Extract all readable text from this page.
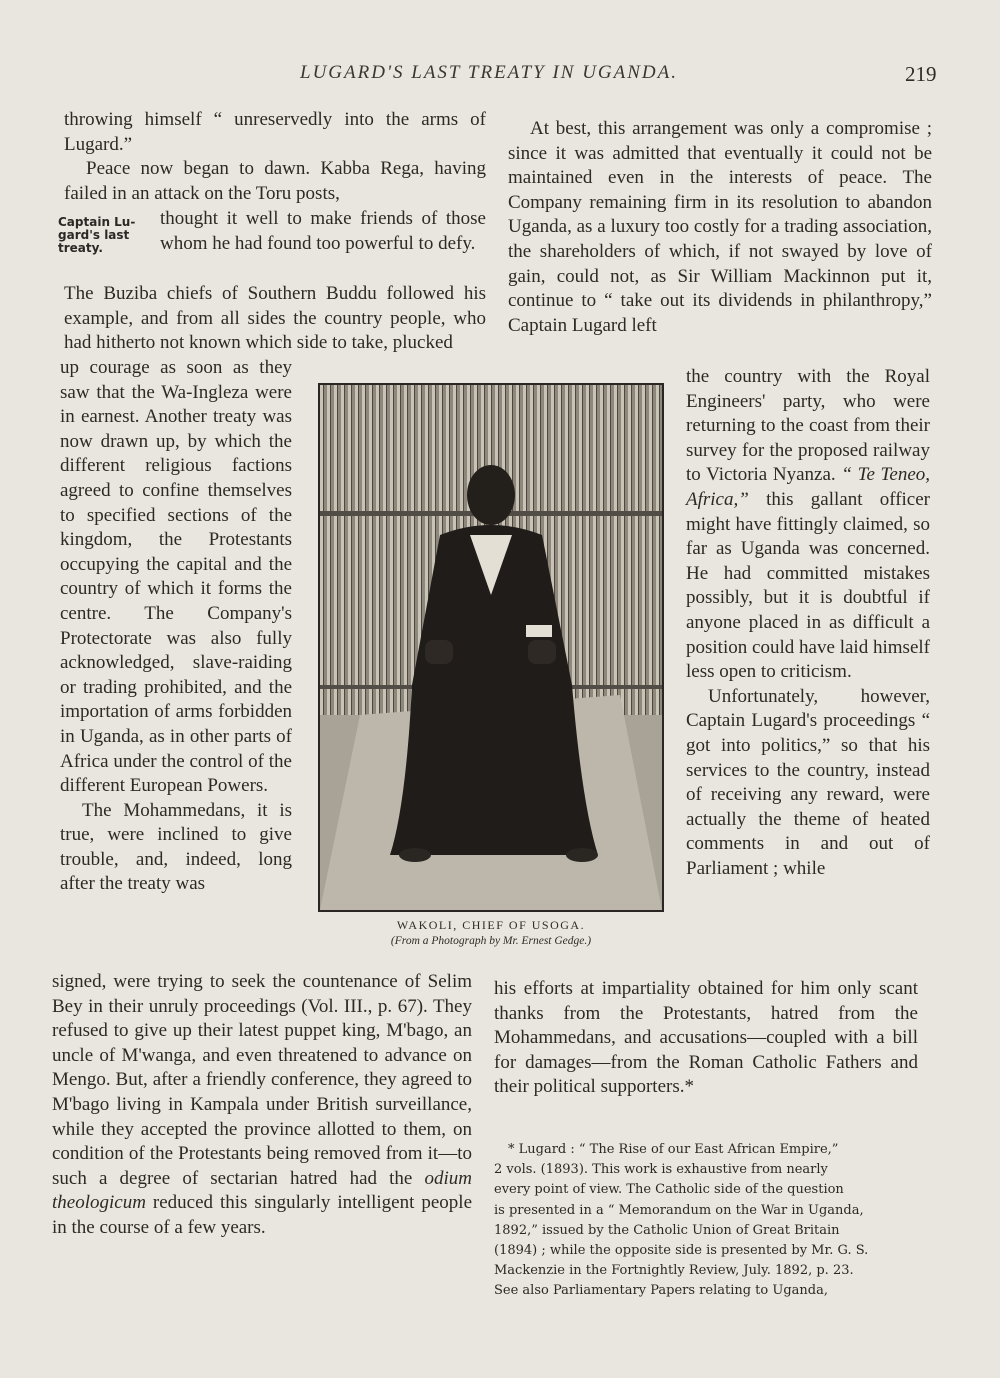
LUGARD'S LAST TREATY IN UGANDA.	219

throwing himself “ unreservedly into the arms of Lugard.”

Peace now began to dawn. Kabba Rega, having failed in an attack on the Toru posts,

Captain Lu-
gard's last
treaty.

thought it well to make friends of those whom he had found too powerful to defy.

The Buziba chiefs of Southern Buddu followed his example, and from all sides the country people, who had hitherto not known which side to take, plucked

up courage as soon as they saw that the Wa-Ingleza were in earnest. Another treaty was now drawn up, by which the different religious factions agreed to confine themselves to specified sections of the kingdom, the Protestants occupying the capital and the country of which it forms the centre. The Company's Protectorate was also fully acknowledged, slave-raiding or trading prohibited, and the importation of arms forbidden in Uganda, as in other parts of Africa under the control of the different European Powers.

The Mohammedans, it is true, were inclined to give trouble, and, indeed, long after the treaty was

signed, were trying to seek the countenance of Selim Bey in their unruly proceedings (Vol. III., p. 67). They refused to give up their latest puppet king, M'bago, an uncle of M'wanga, and even threatened to advance on Mengo. But, after a friendly conference, they agreed to M'bago living in Kampala under British surveillance, while they accepted the province allotted to them, on condition of the Protestants being removed from it—to such a degree of sectarian hatred had the odium theologicum reduced this singularly intelligent people in the course of a few years.

At best, this arrangement was only a compromise ; since it was admitted that eventually it could not be maintained even in the interests of peace. The Company remaining firm in its resolution to abandon Uganda, as a luxury too costly for a trading association, the shareholders of which, if not swayed by love of gain, could not, as Sir William Mackinnon put it, continue to “ take out its dividends in philanthropy,” Captain Lugard left

the country with the Royal Engineers' party, who were returning to the coast from their survey for the proposed railway to Victoria Nyanza. “ Te Teneo, Africa,” this gallant officer might have fittingly claimed, so far as Uganda was concerned. He had committed mistakes possibly, but it is doubtful if anyone placed in as difficult a position could have laid himself less open to criticism.

Unfortunately, however, Captain Lugard's proceedings “ got into politics,” so that his services to the country, instead of receiving any reward, were actually the theme of heated comments in and out of Parliament ; while

his efforts at impartiality obtained for him only scant thanks from the Protestants, hatred from the Mohammedans, and accusations—coupled with a bill for damages—from the Roman Catholic Fathers and their political supporters.*

WAKOLI, CHIEF OF USOGA.
(From a Photograph by Mr. Ernest Gedge.)
* Lugard : “ The Rise of our East African Empire,”
2 vols. (1893). This work is exhaustive from nearly
every point of view. The Catholic side of the question
is presented in a “ Memorandum on the War in Uganda,
1892,” issued by the Catholic Union of Great Britain
(1894) ; while the opposite side is presented by Mr. G. S.
Mackenzie in the Fortnightly Review, July. 1892, p. 23.
See also Parliamentary Papers relating to Uganda,
